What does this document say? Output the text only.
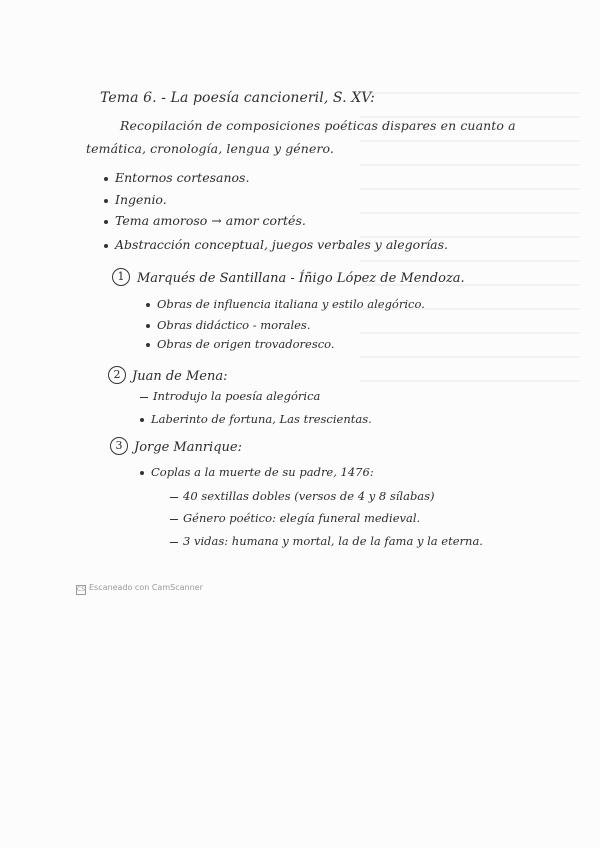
Tema 6. - La poesía cancioneril, S. XV:
Recopilación de composiciones poéticas dispares en cuanto a
temática, cronología, lengua y género.
Entornos cortesanos.
Ingenio.
Tema amoroso → amor cortés.
Abstracción conceptual, juegos verbales y alegorías.
1 Marqués de Santillana - Íñigo López de Mendoza.
Obras de influencia italiana y estilo alegórico.
Obras didáctico - morales.
Obras de origen trovadoresco.
2 Juan de Mena:
Introdujo la poesía alegórica
Laberinto de fortuna, Las trescientas.
3 Jorge Manrique:
Coplas a la muerte de su padre, 1476:
40 sextillas dobles (versos de 4 y 8 sílabas)
Género poético: elegía funeral medieval.
3 vidas: humana y mortal, la de la fama y la eterna.
CS Escaneado con CamScanner
